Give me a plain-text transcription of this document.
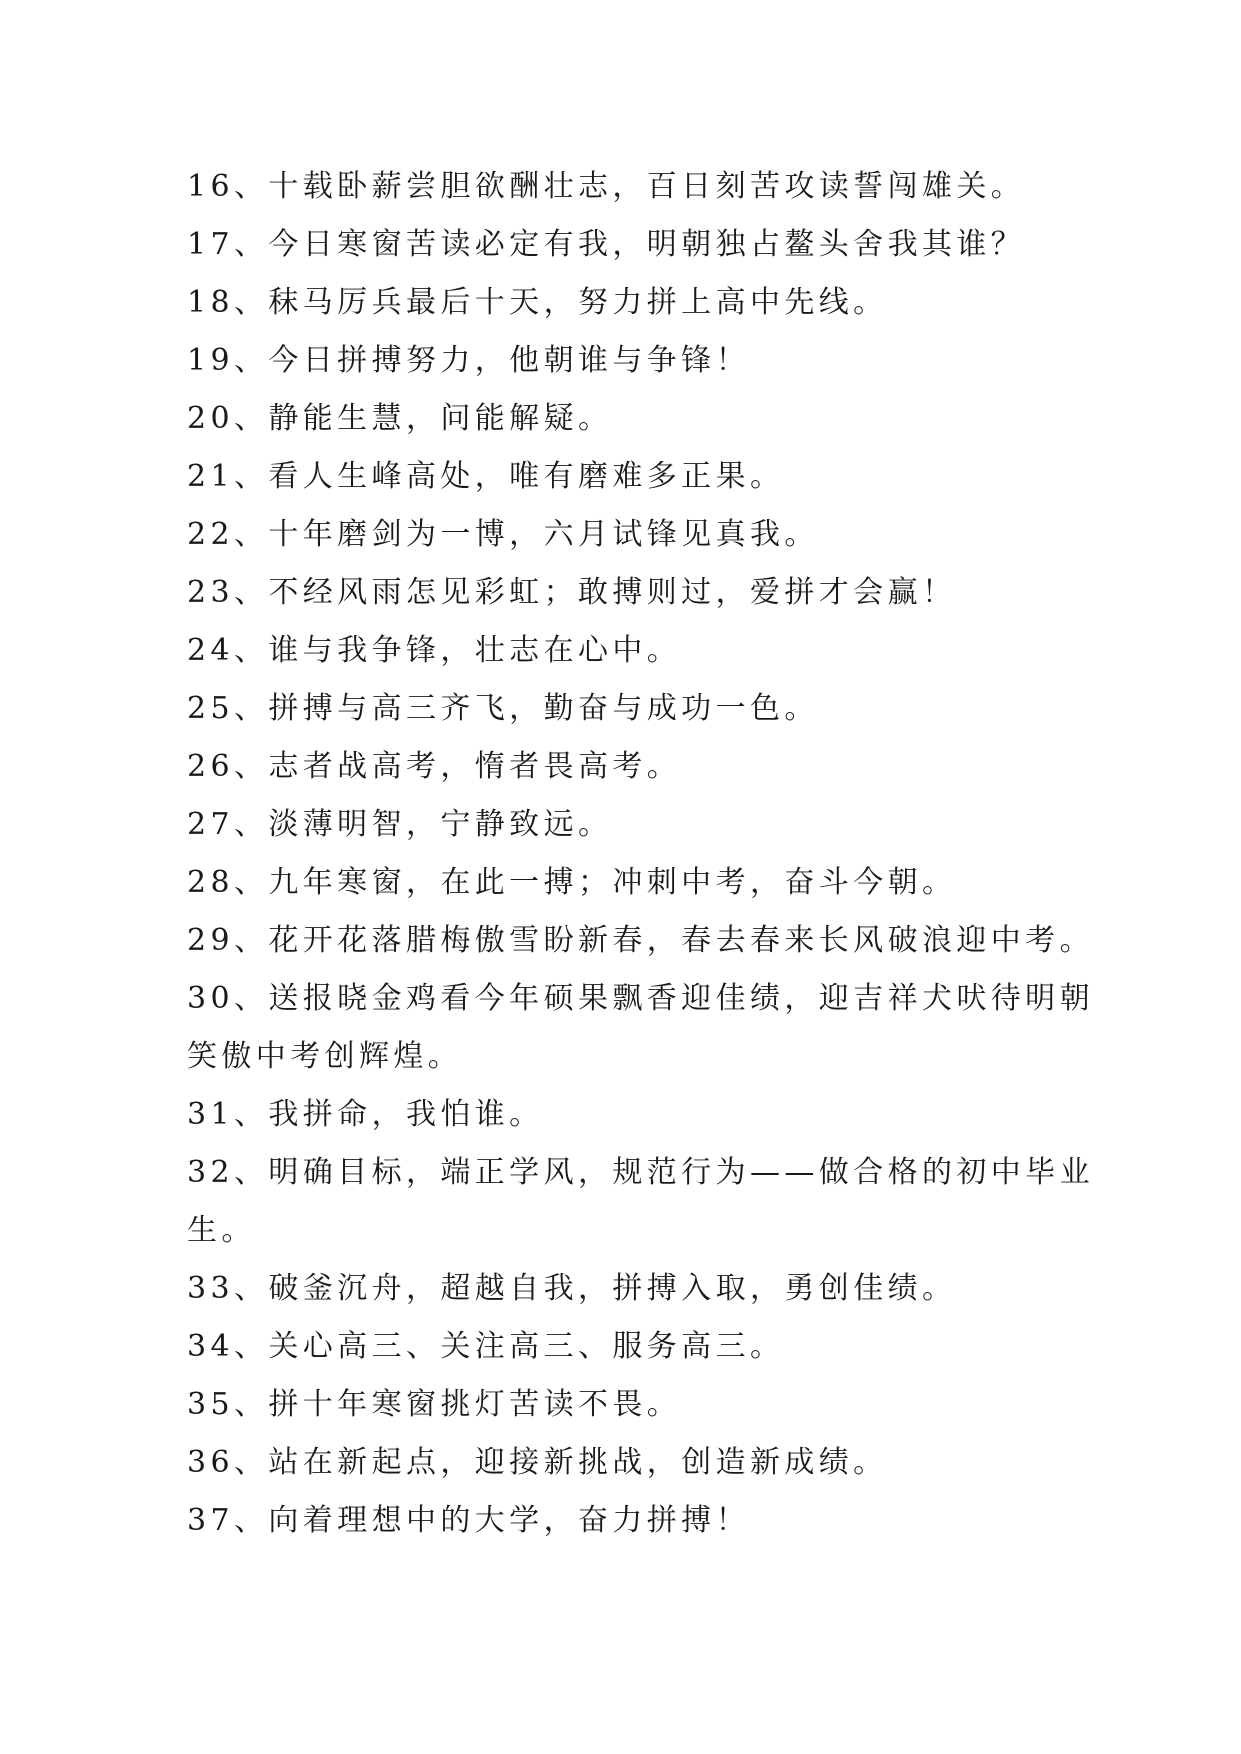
16、十载卧薪尝胆欲酬壮志，百日刻苦攻读誓闯雄关。
17、今日寒窗苦读必定有我，明朝独占鳌头舍我其谁？
18、秣马厉兵最后十天，努力拼上高中先线。
19、今日拼搏努力，他朝谁与争锋！
20、静能生慧，问能解疑。
21、看人生峰高处，唯有磨难多正果。
22、十年磨剑为一博，六月试锋见真我。
23、不经风雨怎见彩虹；敢搏则过，爱拼才会赢！
24、谁与我争锋，壮志在心中。
25、拼搏与高三齐飞，勤奋与成功一色。
26、志者战高考，惰者畏高考。
27、淡薄明智，宁静致远。
28、九年寒窗，在此一搏；冲刺中考，奋斗今朝。
29、花开花落腊梅傲雪盼新春，春去春来长风破浪迎中考。
30、送报晓金鸡看今年硕果飘香迎佳绩，迎吉祥犬吠待明朝
笑傲中考创辉煌。
31、我拼命，我怕谁。
32、明确目标，端正学风，规范行为——做合格的初中毕业
生。
33、破釜沉舟，超越自我，拼搏入取，勇创佳绩。
34、关心高三、关注高三、服务高三。
35、拼十年寒窗挑灯苦读不畏。
36、站在新起点，迎接新挑战，创造新成绩。
37、向着理想中的大学，奋力拼搏！
